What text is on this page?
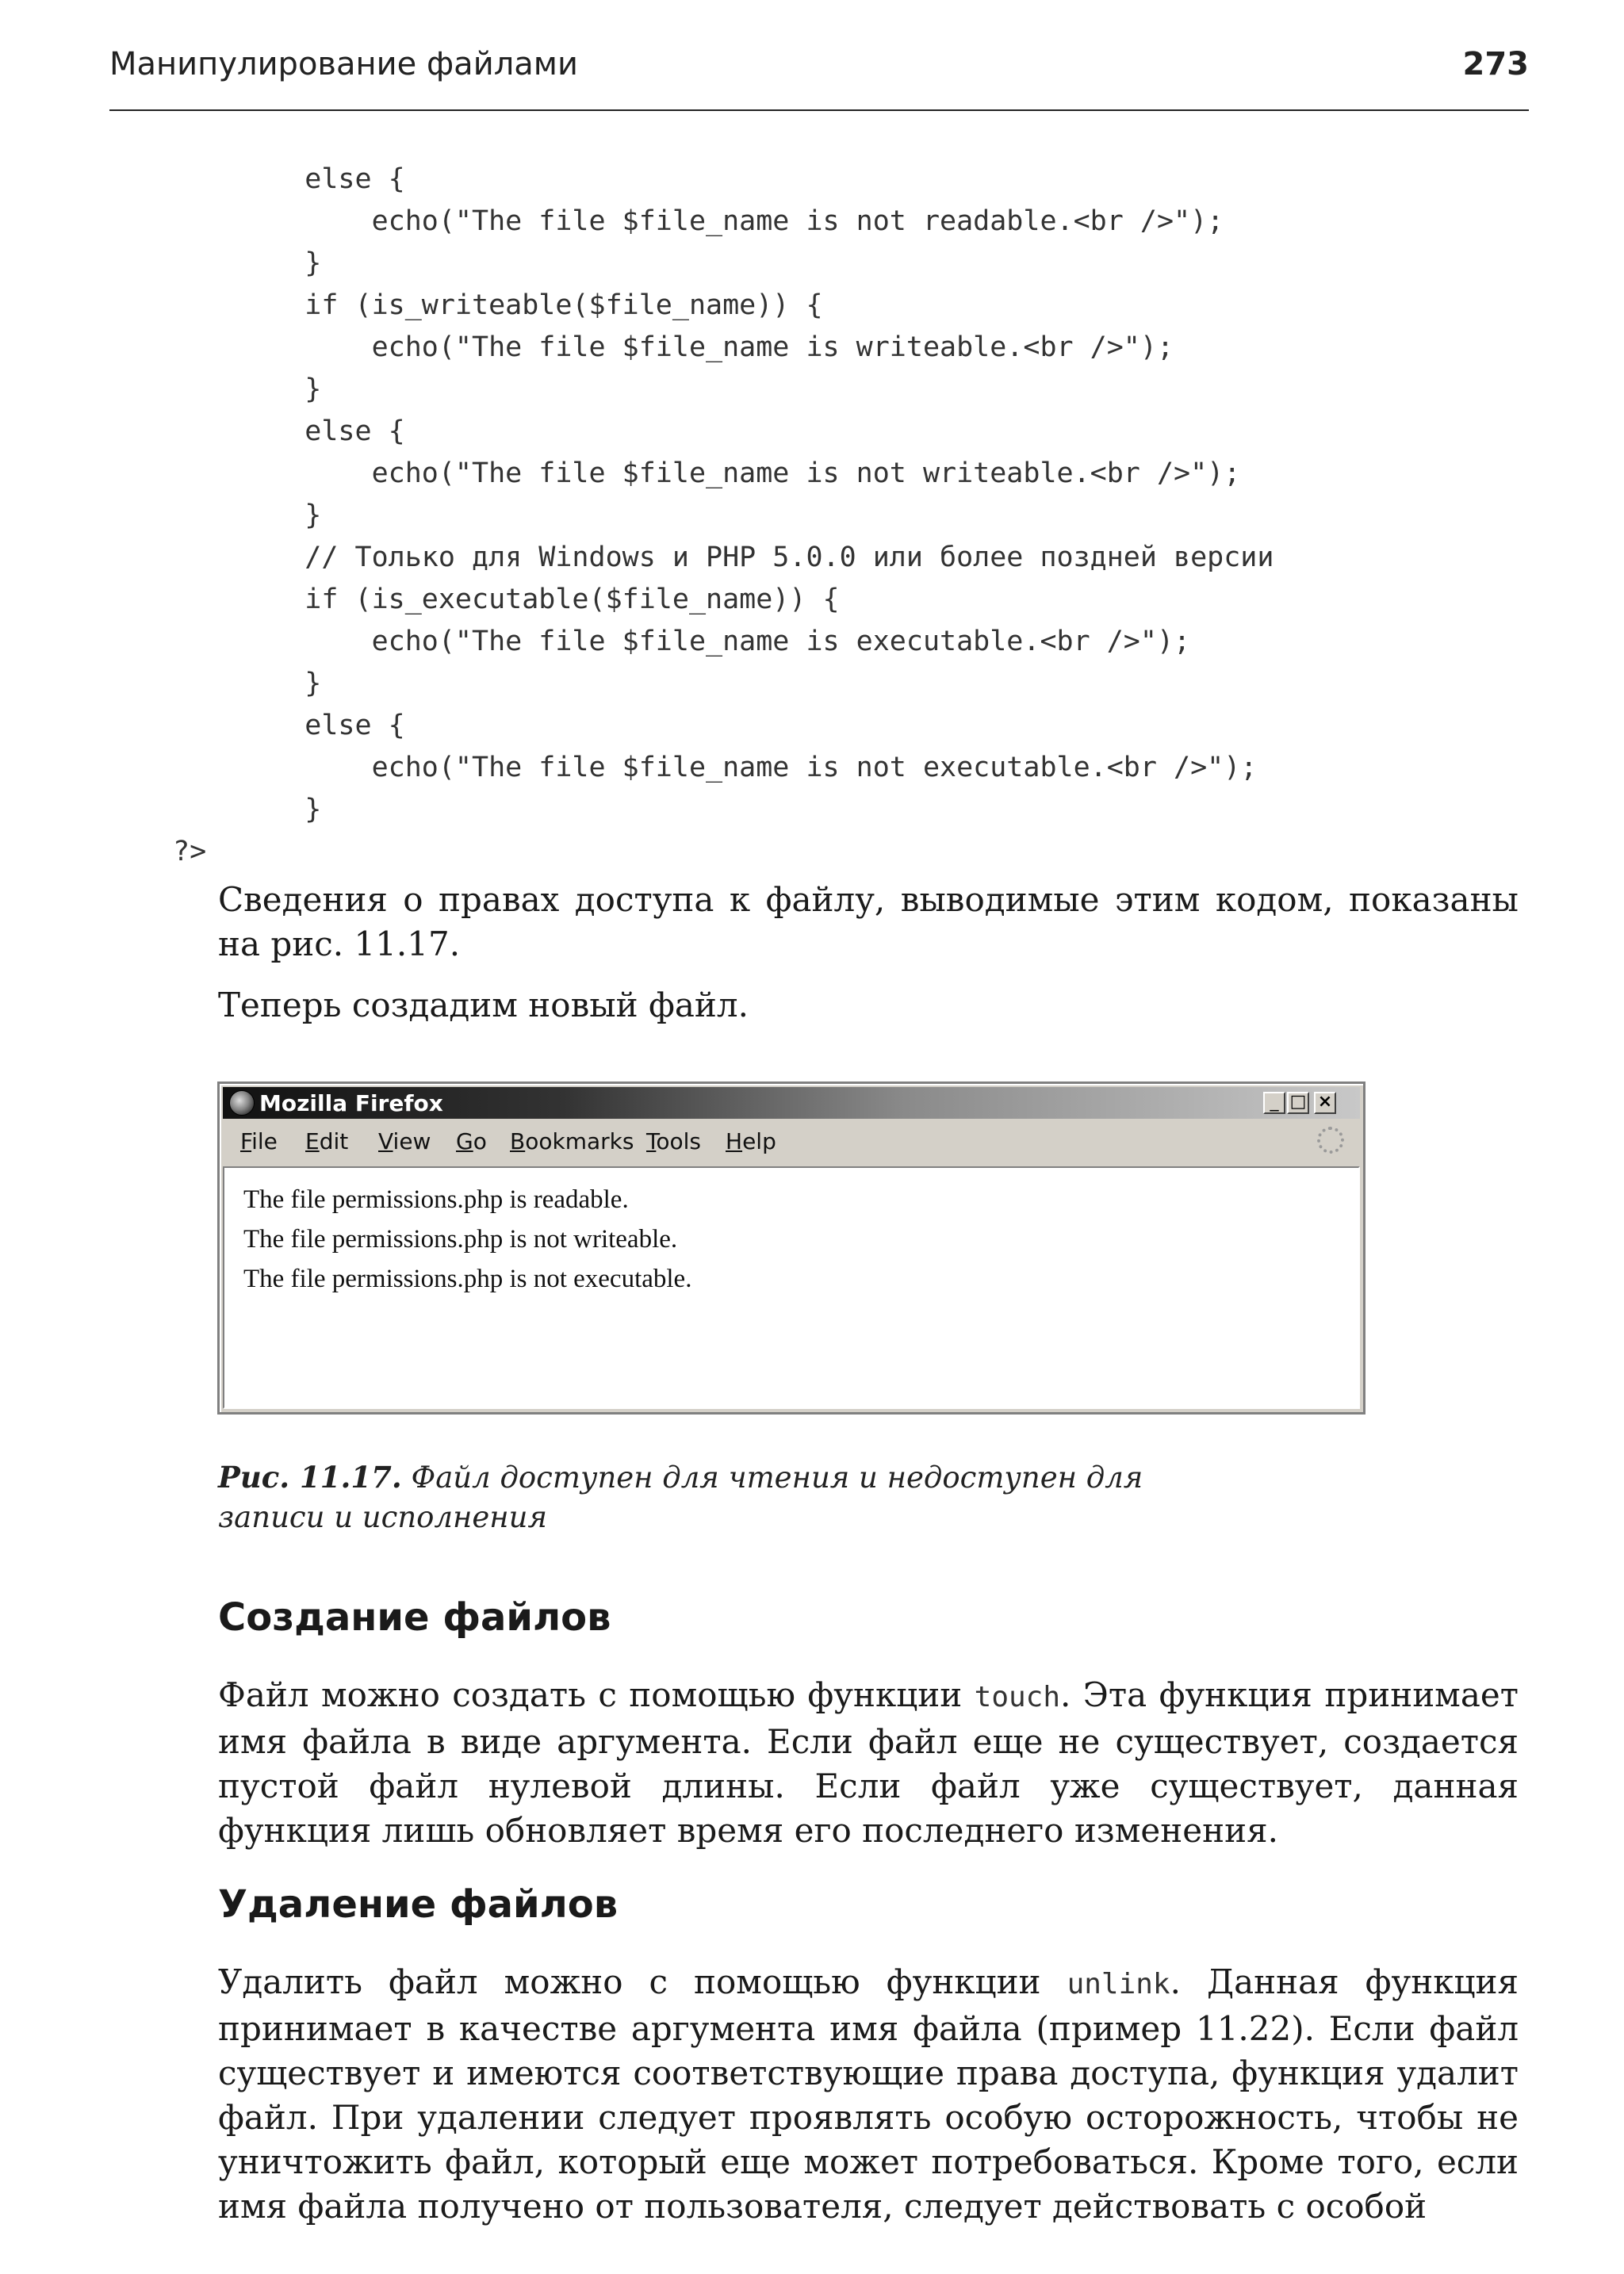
Манипулирование файлами	273
else {
echo("The file $file_name is not readable.<br />");
}
if (is_writeable($file_name)) {
echo("The file $file_name is writeable.<br />");
}
else {
echo("The file $file_name is not writeable.<br />");
}
// Только для Windows и PHP 5.0.0 или более поздней версии
if (is_executable($file_name)) {
echo("The file $file_name is executable.<br />");
}
else {
echo("The file $file_name is not executable.<br />");
}
?>
Сведения о правах доступа к файлу, выводимые этим кодом, показаны на рис. 11.17.
Теперь создадим новый файл.
Mozilla Firefox	_ □ ×
File Edit View Go Bookmarks Tools Help
The file permissions.php is readable.
The file permissions.php is not writeable.
The file permissions.php is not executable.
Рис. 11.17. Файл доступен для чтения и недоступен для записи и исполнения
Создание файлов
Файл можно создать с помощью функции touch. Эта функция принимает имя файла в виде аргумента. Если файл еще не существует, создается пустой файл нулевой длины. Если файл уже существует, данная функция лишь обновляет время его последнего изменения.
Удаление файлов
Удалить файл можно с помощью функции unlink. Данная функция принимает в качестве аргумента имя файла (пример 11.22). Если файл существует и имеются соответствующие права доступа, функция удалит файл. При удалении следует проявлять особую осторожность, чтобы не уничтожить файл, который еще может потребоваться. Кроме того, если имя файла получено от пользователя, следует действовать с особой
